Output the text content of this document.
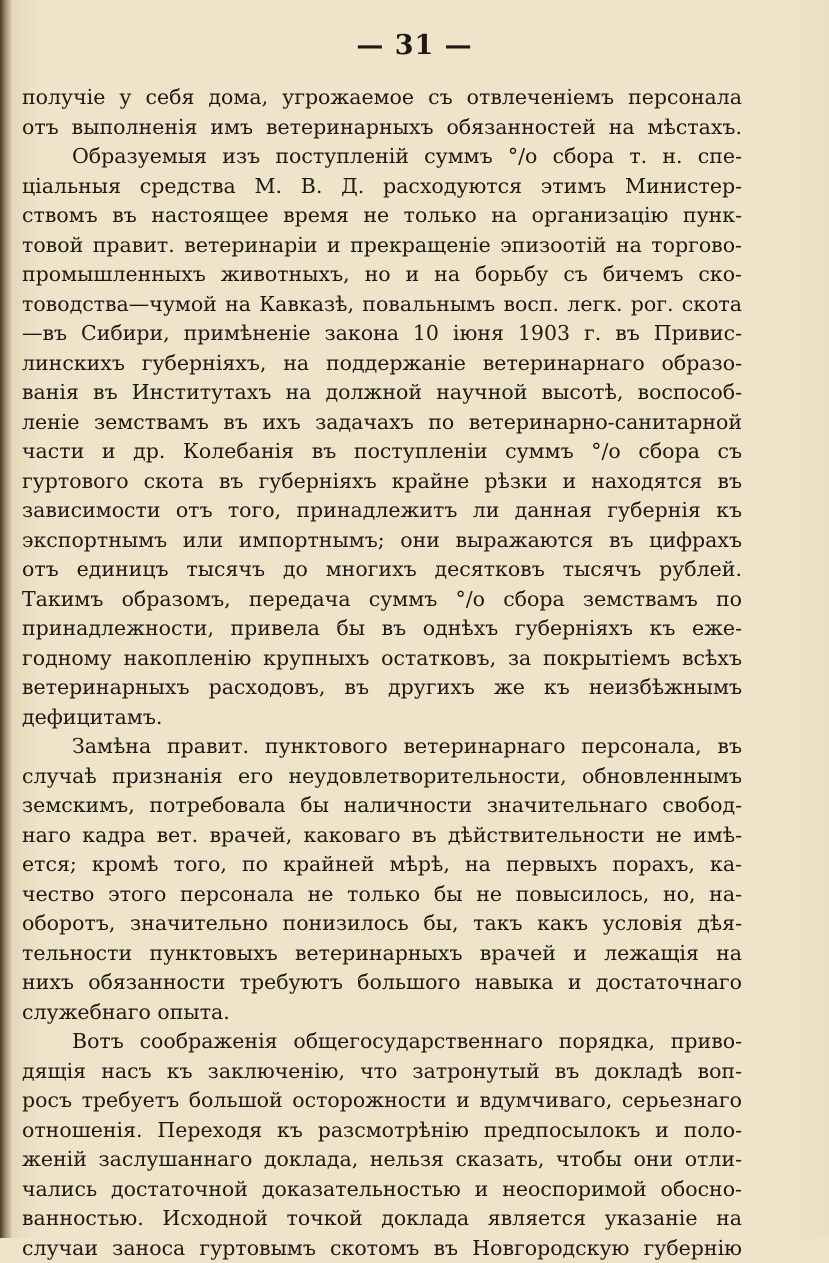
— 31 —
получіе у себя дома, угрожаемое съ отвлеченіемъ персонала
отъ выполненія имъ ветеринарныхъ обязанностей на мѣстахъ.
Образуемыя изъ поступленій суммъ °/о сбора т. н. спе-
ціальныя средства М. В. Д. расходуются этимъ Министер-
ствомъ въ настоящее время не только на организацію пунк-
товой правит. ветеринаріи и прекращеніе эпизоотій на торгово-
промышленныхъ животныхъ, но и на борьбу съ бичемъ ско-
товодства—чумой на Кавказѣ, повальнымъ восп. легк. рог. скота
—въ Сибири, примѣненіе закона 10 іюня 1903 г. въ Привис-
линскихъ губерніяхъ, на поддержаніе ветеринарнаго образо-
ванія въ Институтахъ на должной научной высотѣ, воспособ-
леніе земствамъ въ ихъ задачахъ по ветеринарно-санитарной
части и др. Колебанія въ поступленіи суммъ °/о сбора съ
гуртового скота въ губерніяхъ крайне рѣзки и находятся въ
зависимости отъ того, принадлежитъ ли данная губернія къ
экспортнымъ или импортнымъ; они выражаются въ цифрахъ
отъ единицъ тысячъ до многихъ десятковъ тысячъ рублей.
Такимъ образомъ, передача суммъ °/о сбора земствамъ по
принадлежности, привела бы въ однѣхъ губерніяхъ къ еже-
годному накопленію крупныхъ остатковъ, за покрытіемъ всѣхъ
ветеринарныхъ расходовъ, въ другихъ же къ неизбѣжнымъ
дефицитамъ.
Замѣна правит. пунктового ветеринарнаго персонала, въ
случаѣ признанія его неудовлетворительности, обновленнымъ
земскимъ, потребовала бы наличности значительнаго свобод-
наго кадра вет. врачей, каковаго въ дѣйствительности не имѣ-
ется; кромѣ того, по крайней мѣрѣ, на первыхъ порахъ, ка-
чество этого персонала не только бы не повысилось, но, на-
оборотъ, значительно понизилось бы, такъ какъ условія дѣя-
тельности пунктовыхъ ветеринарныхъ врачей и лежащія на
нихъ обязанности требуютъ большого навыка и достаточнаго
служебнаго опыта.
Вотъ соображенія общегосударственнаго порядка, приво-
дящія насъ къ заключенію, что затронутый въ докладѣ воп-
росъ требуетъ большой осторожности и вдумчиваго, серьезнаго
отношенія. Переходя къ разсмотрѣнію предпосылокъ и поло-
женій заслушаннаго доклада, нельзя сказать, чтобы они отли-
чались достаточной доказательностью и неоспоримой обосно-
ванностью. Исходной точкой доклада является указаніе на
случаи заноса гуртовымъ скотомъ въ Новгородскую губернію
